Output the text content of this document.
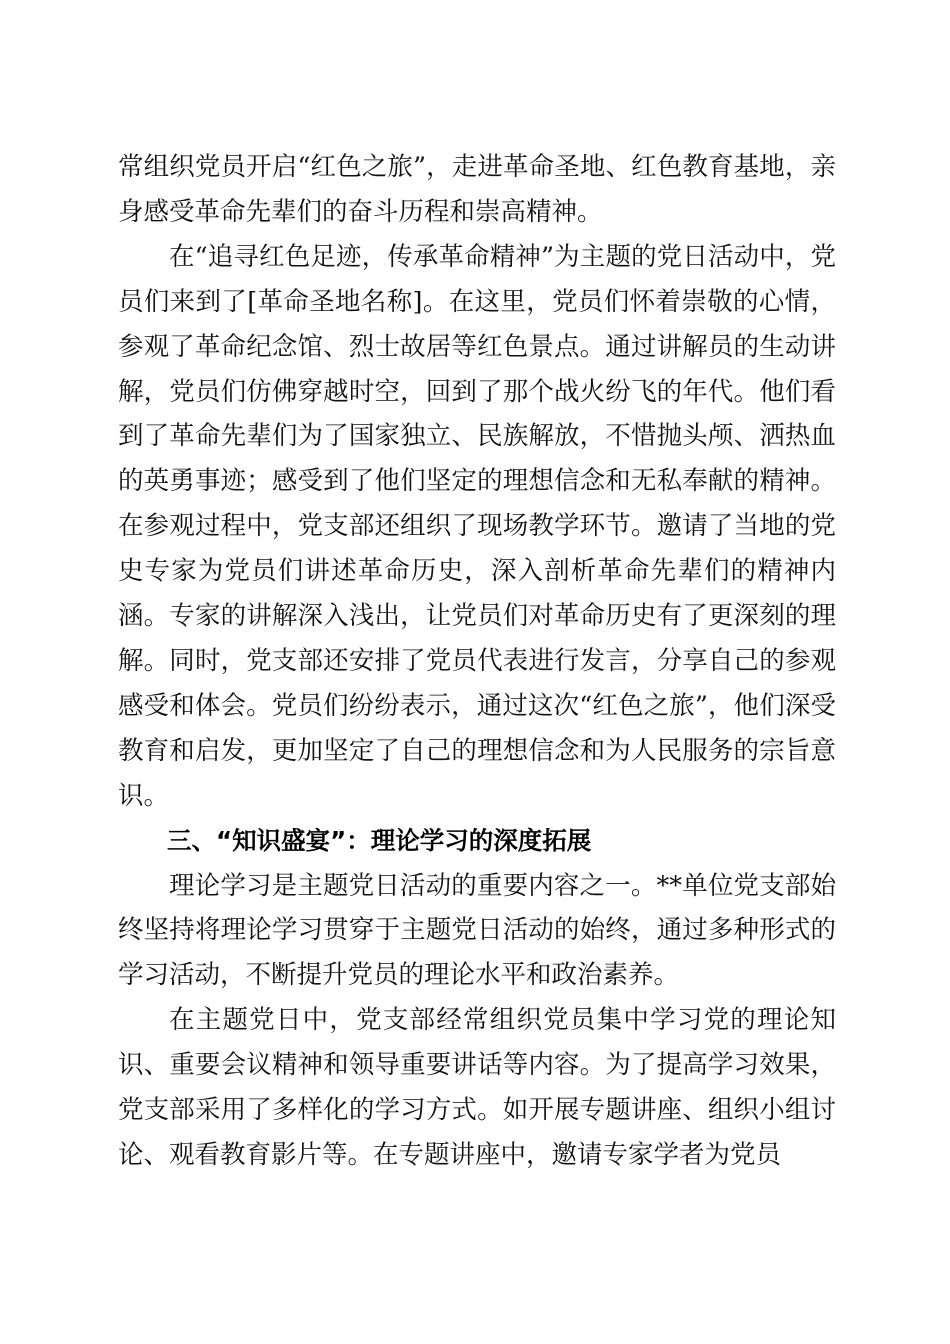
常组织党员开启“红色之旅”，走进革命圣地、红色教育基地，亲身感受革命先辈们的奋斗历程和崇高精神。

在“追寻红色足迹，传承革命精神”为主题的党日活动中，党员们来到了[革命圣地名称]。在这里，党员们怀着崇敬的心情，参观了革命纪念馆、烈士故居等红色景点。通过讲解员的生动讲解，党员们仿佛穿越时空，回到了那个战火纷飞的年代。他们看到了革命先辈们为了国家独立、民族解放，不惜抛头颅、洒热血的英勇事迹；感受到了他们坚定的理想信念和无私奉献的精神。在参观过程中，党支部还组织了现场教学环节。邀请了当地的党史专家为党员们讲述革命历史，深入剖析革命先辈们的精神内涵。专家的讲解深入浅出，让党员们对革命历史有了更深刻的理解。同时，党支部还安排了党员代表进行发言，分享自己的参观感受和体会。党员们纷纷表示，通过这次“红色之旅”，他们深受教育和启发，更加坚定了自己的理想信念和为人民服务的宗旨意识。

三、“知识盛宴”：理论学习的深度拓展

理论学习是主题党日活动的重要内容之一。**单位党支部始终坚持将理论学习贯穿于主题党日活动的始终，通过多种形式的学习活动，不断提升党员的理论水平和政治素养。

在主题党日中，党支部经常组织党员集中学习党的理论知识、重要会议精神和领导重要讲话等内容。为了提高学习效果，党支部采用了多样化的学习方式。如开展专题讲座、组织小组讨论、观看教育影片等。在专题讲座中，邀请专家学者为党员
